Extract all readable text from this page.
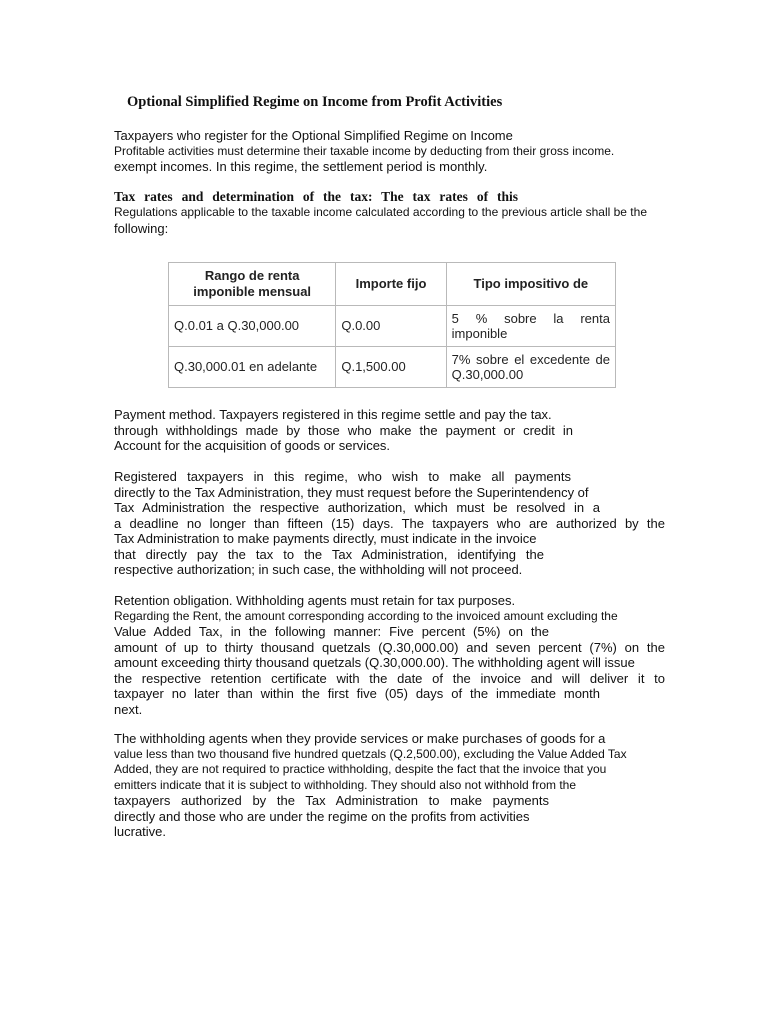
Optional Simplified Regime on Income from Profit Activities
Taxpayers who register for the Optional Simplified Regime on Income
Profitable activities must determine their taxable income by deducting from their gross income.
exempt incomes. In this regime, the settlement period is monthly.
Tax rates and determination of the tax: The tax rates of this
Regulations applicable to the taxable income calculated according to the previous article shall be the
following:
Rango de renta imponible mensual	Importe fijo	Tipo impositivo de
Q.0.01 a Q.30,000.00	Q.0.00	5 % sobre la renta imponible
Q.30,000.01 en adelante	Q.1,500.00	7% sobre el excedente de Q.30,000.00
Payment method. Taxpayers registered in this regime settle and pay the tax.
through withholdings made by those who make the payment or credit in
Account for the acquisition of goods or services.
Registered taxpayers in this regime, who wish to make all payments
directly to the Tax Administration, they must request before the Superintendency of
Tax Administration the respective authorization, which must be resolved in a
a deadline no longer than fifteen (15) days. The taxpayers who are authorized by the
Tax Administration to make payments directly, must indicate in the invoice
that directly pay the tax to the Tax Administration, identifying the
respective authorization; in such case, the withholding will not proceed.
Retention obligation. Withholding agents must retain for tax purposes.
Regarding the Rent, the amount corresponding according to the invoiced amount excluding the
Value Added Tax, in the following manner: Five percent (5%) on the
amount of up to thirty thousand quetzals (Q.30,000.00) and seven percent (7%) on the
amount exceeding thirty thousand quetzals (Q.30,000.00). The withholding agent will issue
the respective retention certificate with the date of the invoice and will deliver it to
taxpayer no later than within the first five (05) days of the immediate month
next.
The withholding agents when they provide services or make purchases of goods for a
value less than two thousand five hundred quetzals (Q.2,500.00), excluding the Value Added Tax
Added, they are not required to practice withholding, despite the fact that the invoice that you
emitters indicate that it is subject to withholding. They should also not withhold from the
taxpayers authorized by the Tax Administration to make payments
directly and those who are under the regime on the profits from activities
lucrative.
